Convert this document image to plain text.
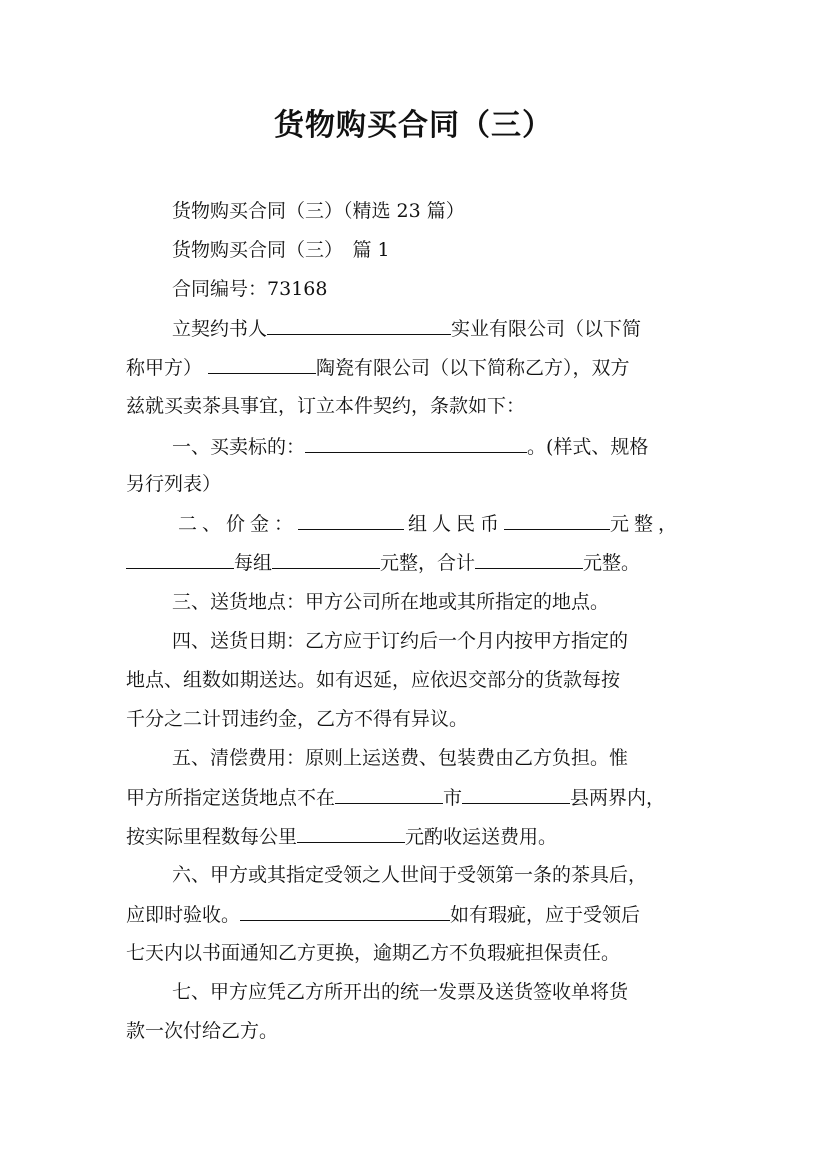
货物购买合同（三）
货物购买合同（三）（精选 23 篇）
货物购买合同（三）　篇 1
合同编号：73168
立契约书人	实业有限公司（以下简
称甲方）	陶瓷有限公司（以下简称乙方），双方
兹就买卖茶具事宜，订立本件契约，条款如下：
一、买卖标的：	。(样式、规格
另行列表）
二、价金：	组人民币	元整，
每组	元整，合计	元整。
三、送货地点：甲方公司所在地或其所指定的地点。
四、送货日期：乙方应于订约后一个月内按甲方指定的
地点、组数如期送达。如有迟延，应依迟交部分的货款每按
千分之二计罚违约金，乙方不得有异议。
五、清偿费用：原则上运送费、包装费由乙方负担。惟
甲方所指定送货地点不在	市	县两界内，
按实际里程数每公里	元酌收运送费用。
六、甲方或其指定受领之人世间于受领第一条的茶具后，
应即时验收。	如有瑕疵，应于受领后
七天内以书面通知乙方更换，逾期乙方不负瑕疵担保责任。
七、甲方应凭乙方所开出的统一发票及送货签收单将货
款一次付给乙方。
